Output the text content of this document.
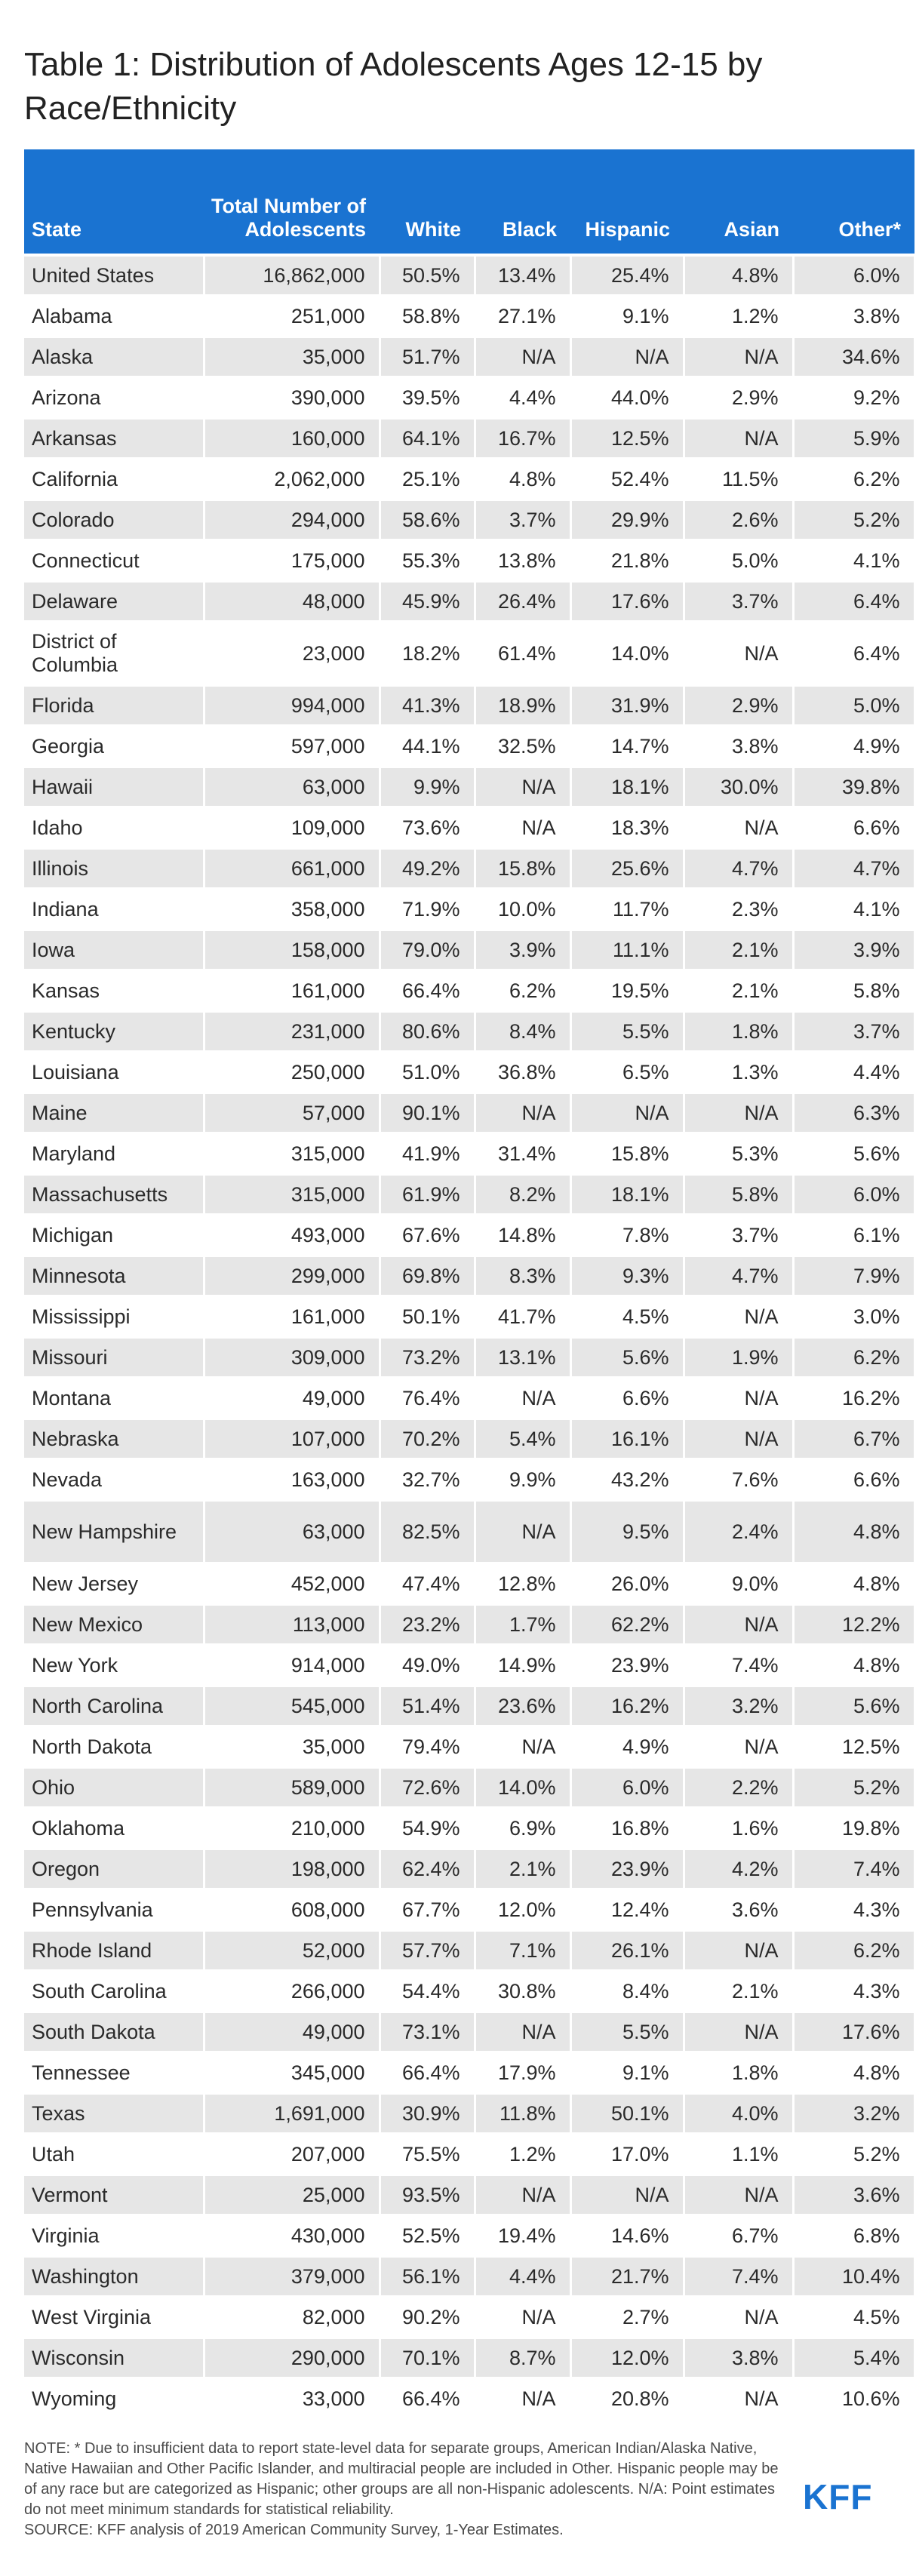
Table 1: Distribution of Adolescents Ages 12-15 by Race/Ethnicity
State	Total Number of Adolescents	White	Black	Hispanic	Asian	Other*
United States	16,862,000	50.5%	13.4%	25.4%	4.8%	6.0%
Alabama	251,000	58.8%	27.1%	9.1%	1.2%	3.8%
Alaska	35,000	51.7%	N/A	N/A	N/A	34.6%
Arizona	390,000	39.5%	4.4%	44.0%	2.9%	9.2%
Arkansas	160,000	64.1%	16.7%	12.5%	N/A	5.9%
California	2,062,000	25.1%	4.8%	52.4%	11.5%	6.2%
Colorado	294,000	58.6%	3.7%	29.9%	2.6%	5.2%
Connecticut	175,000	55.3%	13.8%	21.8%	5.0%	4.1%
Delaware	48,000	45.9%	26.4%	17.6%	3.7%	6.4%
District of Columbia	23,000	18.2%	61.4%	14.0%	N/A	6.4%
Florida	994,000	41.3%	18.9%	31.9%	2.9%	5.0%
Georgia	597,000	44.1%	32.5%	14.7%	3.8%	4.9%
Hawaii	63,000	9.9%	N/A	18.1%	30.0%	39.8%
Idaho	109,000	73.6%	N/A	18.3%	N/A	6.6%
Illinois	661,000	49.2%	15.8%	25.6%	4.7%	4.7%
Indiana	358,000	71.9%	10.0%	11.7%	2.3%	4.1%
Iowa	158,000	79.0%	3.9%	11.1%	2.1%	3.9%
Kansas	161,000	66.4%	6.2%	19.5%	2.1%	5.8%
Kentucky	231,000	80.6%	8.4%	5.5%	1.8%	3.7%
Louisiana	250,000	51.0%	36.8%	6.5%	1.3%	4.4%
Maine	57,000	90.1%	N/A	N/A	N/A	6.3%
Maryland	315,000	41.9%	31.4%	15.8%	5.3%	5.6%
Massachusetts	315,000	61.9%	8.2%	18.1%	5.8%	6.0%
Michigan	493,000	67.6%	14.8%	7.8%	3.7%	6.1%
Minnesota	299,000	69.8%	8.3%	9.3%	4.7%	7.9%
Mississippi	161,000	50.1%	41.7%	4.5%	N/A	3.0%
Missouri	309,000	73.2%	13.1%	5.6%	1.9%	6.2%
Montana	49,000	76.4%	N/A	6.6%	N/A	16.2%
Nebraska	107,000	70.2%	5.4%	16.1%	N/A	6.7%
Nevada	163,000	32.7%	9.9%	43.2%	7.6%	6.6%
New Hampshire	63,000	82.5%	N/A	9.5%	2.4%	4.8%
New Jersey	452,000	47.4%	12.8%	26.0%	9.0%	4.8%
New Mexico	113,000	23.2%	1.7%	62.2%	N/A	12.2%
New York	914,000	49.0%	14.9%	23.9%	7.4%	4.8%
North Carolina	545,000	51.4%	23.6%	16.2%	3.2%	5.6%
North Dakota	35,000	79.4%	N/A	4.9%	N/A	12.5%
Ohio	589,000	72.6%	14.0%	6.0%	2.2%	5.2%
Oklahoma	210,000	54.9%	6.9%	16.8%	1.6%	19.8%
Oregon	198,000	62.4%	2.1%	23.9%	4.2%	7.4%
Pennsylvania	608,000	67.7%	12.0%	12.4%	3.6%	4.3%
Rhode Island	52,000	57.7%	7.1%	26.1%	N/A	6.2%
South Carolina	266,000	54.4%	30.8%	8.4%	2.1%	4.3%
South Dakota	49,000	73.1%	N/A	5.5%	N/A	17.6%
Tennessee	345,000	66.4%	17.9%	9.1%	1.8%	4.8%
Texas	1,691,000	30.9%	11.8%	50.1%	4.0%	3.2%
Utah	207,000	75.5%	1.2%	17.0%	1.1%	5.2%
Vermont	25,000	93.5%	N/A	N/A	N/A	3.6%
Virginia	430,000	52.5%	19.4%	14.6%	6.7%	6.8%
Washington	379,000	56.1%	4.4%	21.7%	7.4%	10.4%
West Virginia	82,000	90.2%	N/A	2.7%	N/A	4.5%
Wisconsin	290,000	70.1%	8.7%	12.0%	3.8%	5.4%
Wyoming	33,000	66.4%	N/A	20.8%	N/A	10.6%
NOTE: * Due to insufficient data to report state-level data for separate groups, American Indian/Alaska Native, Native Hawaiian and Other Pacific Islander, and multiracial people are included in Other. Hispanic people may be of any race but are categorized as Hispanic; other groups are all non-Hispanic adolescents. N/A: Point estimates do not meet minimum standards for statistical reliability.
SOURCE: KFF analysis of 2019 American Community Survey, 1-Year Estimates.
KFF
